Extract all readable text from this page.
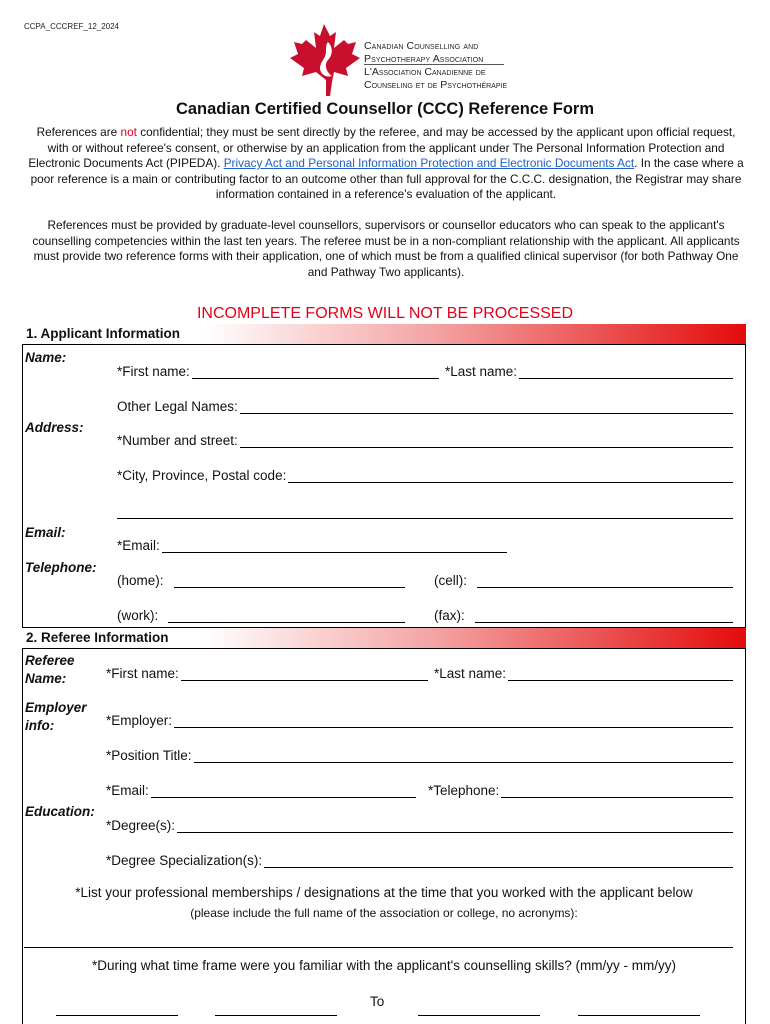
CCPA_CCCREF_12_2024
Canadian Counselling and
Psychotherapy Association
L'Association Canadienne de
Counseling et de Psychothérapie
Canadian Certified Counsellor (CCC) Reference Form
References are not confidential; they must be sent directly by the referee, and may be accessed by the applicant upon official request, with or without referee's consent, or otherwise by an application from the applicant under The Personal Information Protection and Electronic Documents Act (PIPEDA). Privacy Act and Personal Information Protection and Electronic Documents Act. In the case where a poor reference is a main or contributing factor to an outcome other than full approval for the C.C.C. designation, the Registrar may share information contained in a reference’s evaluation of the applicant.
References must be provided by graduate-level counsellors, supervisors or counsellor educators who can speak to the applicant's counselling competencies within the last ten years. The referee must be in a non-compliant relationship with the applicant. All applicants must provide two reference forms with their application, one of which must be from a qualified clinical supervisor (for both Pathway One and Pathway Two applicants).
INCOMPLETE FORMS WILL NOT BE PROCESSED
1. Applicant Information
Name:
*First name:	*Last name:
Other Legal Names:
Address:
*Number and street:
*City, Province, Postal code:
Email:
*Email:
Telephone:
(home):	(cell):
(work):	(fax):
2. Referee Information
Referee
Name:	*First name:	*Last name:
Employer
info:	*Employer:
*Position Title:
*Email:	*Telephone:
Education:
*Degree(s):
*Degree Specialization(s):
*List your professional memberships / designations at the time that you worked with the applicant below
(please include the full name of the association or college, no acronyms):
*During what time frame were you familiar with the applicant's counselling skills? (mm/yy - mm/yy)
To
